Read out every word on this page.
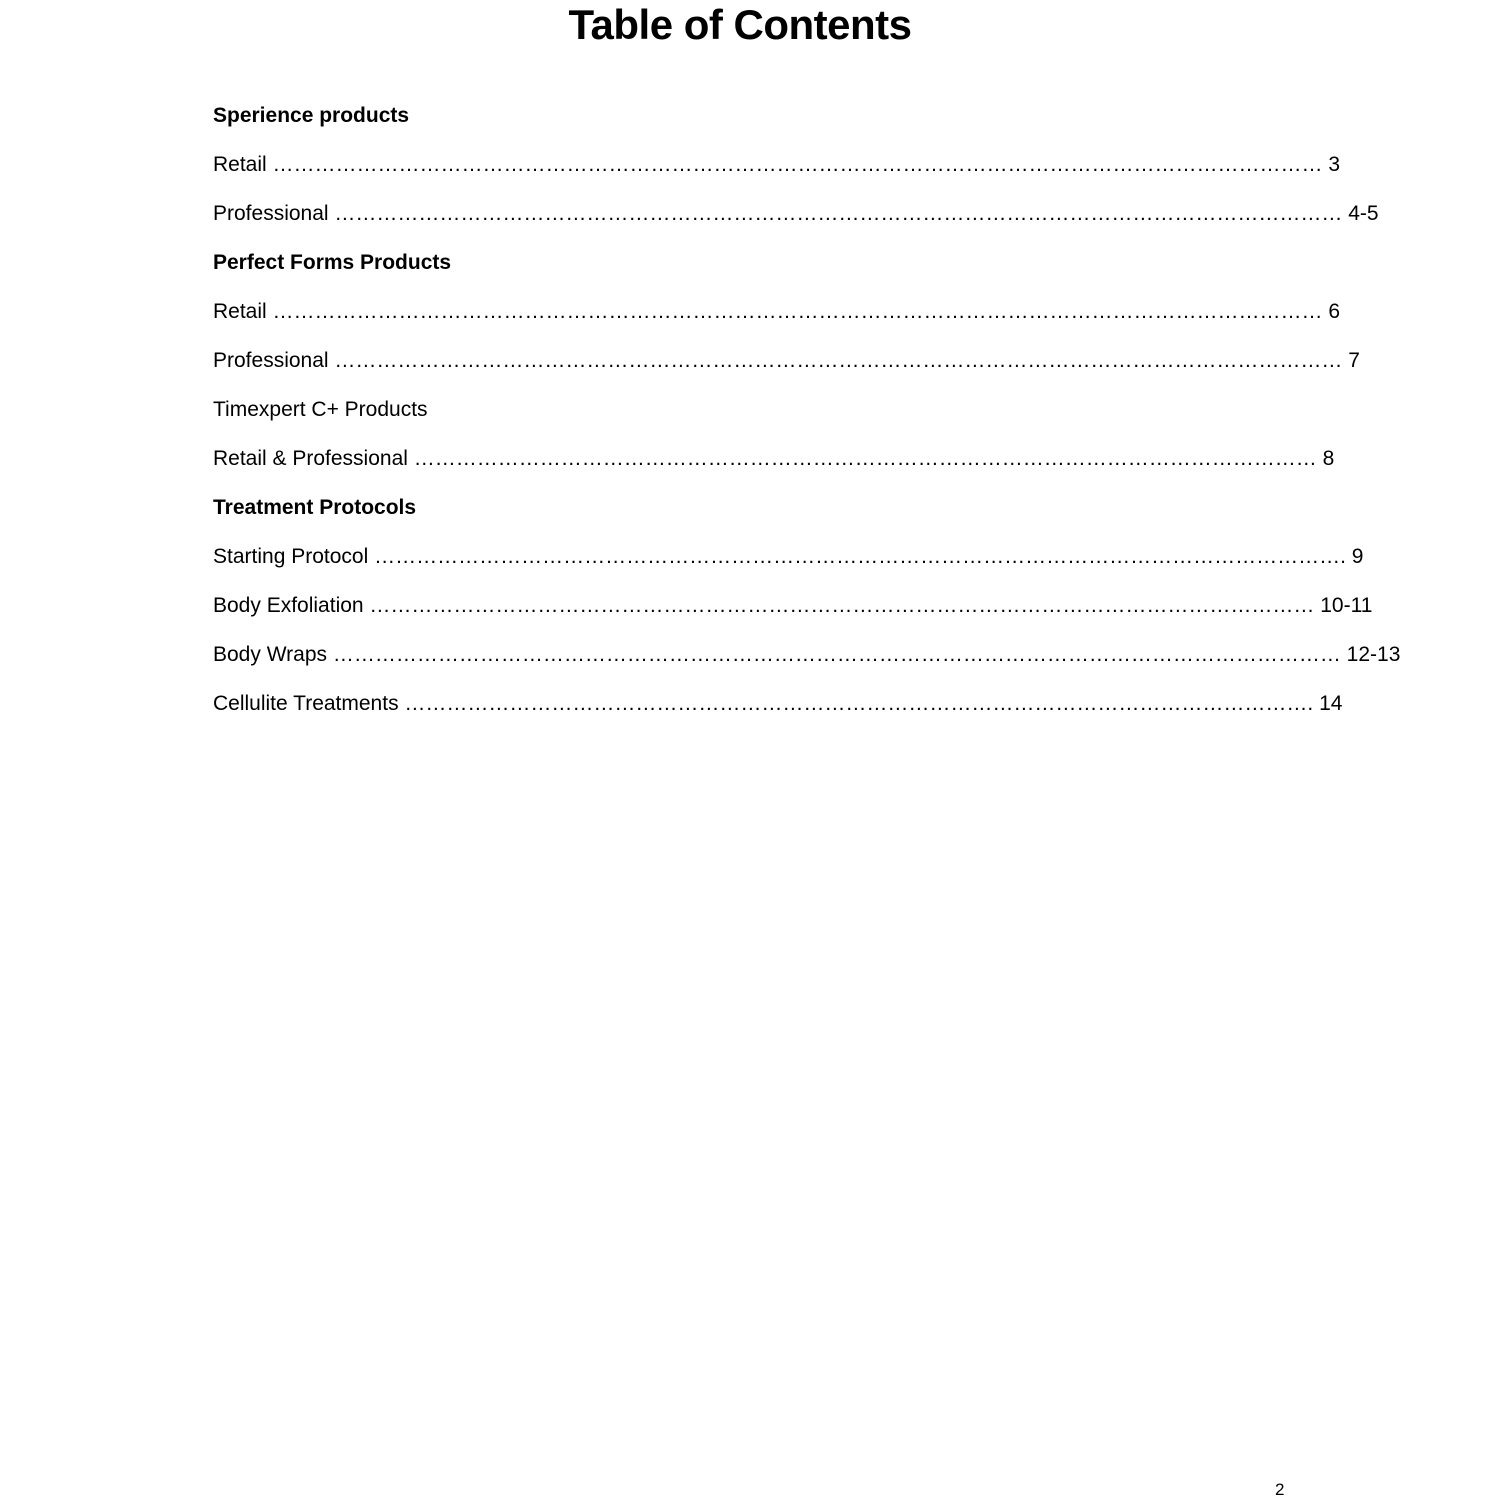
Table of Contents
Sperience products
Retail …………………………………………………………………………………………………………………………………… 3
Professional ……………………………………………………………………………………………………………………………… 4-5
Perfect Forms Products
Retail …………………………………………………………………………………………………………………………………… 6
Professional ……………………………………………………………………………………………………………………………… 7
Timexpert C+ Products
Retail & Professional ………………………………………………………………………………………………………………… 8
Treatment Protocols
Starting Protocol …………………………………………………………………………………………………………………………. 9
Body Exfoliation ……………………………………………………………………………………………………………………… 10-11
Body Wraps ……………………………………………………………………………………………………………………………… 12-13
Cellulite Treatments …………………………………………………………………………………………………………………. 14
2
